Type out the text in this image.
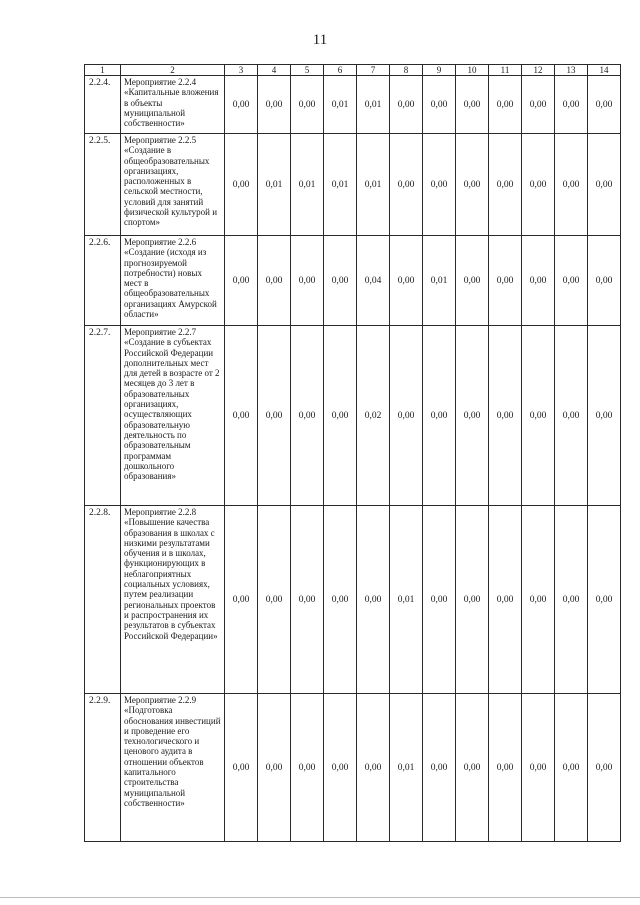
11
1	2	3	4	5	6	7	8	9	10	11	12	13	14
2.2.4.	Мероприятие 2.2.4 «Капитальные вложения в объекты муниципальной собственности»	0,00	0,00	0,00	0,01	0,01	0,00	0,00	0,00	0,00	0,00	0,00	0,00
2.2.5.	Мероприятие 2.2.5 «Создание в общеобразовательных организациях, расположенных в сельской местности, условий для занятий физической культурой и спортом»	0,00	0,01	0,01	0,01	0,01	0,00	0,00	0,00	0,00	0,00	0,00	0,00
2.2.6.	Мероприятие 2.2.6 «Создание (исходя из прогнозируемой потребности) новых мест в общеобразовательных организациях Амурской области»	0,00	0,00	0,00	0,00	0,04	0,00	0,01	0,00	0,00	0,00	0,00	0,00
2.2.7.	Мероприятие 2.2.7 «Создание в субъектах Российской Федерации дополнительных мест для детей в возрасте от 2 месяцев до 3 лет в образовательных организациях, осуществляющих образовательную деятельность по образовательным программам дошкольного образования»	0,00	0,00	0,00	0,00	0,02	0,00	0,00	0,00	0,00	0,00	0,00	0,00
2.2.8.	Мероприятие 2.2.8 «Повышение качества образования в школах с низкими результатами обучения и в школах, функционирующих в неблагоприятных социальных условиях, путем реализации региональных проектов и распространения их результатов в субъектах Российской Федерации»	0,00	0,00	0,00	0,00	0,00	0,01	0,00	0,00	0,00	0,00	0,00	0,00
2.2.9.	Мероприятие 2.2.9 «Подготовка обоснования инвестиций и проведение его технологического и ценового аудита в отношении объектов капитального строительства муниципальной собственности»	0,00	0,00	0,00	0,00	0,00	0,01	0,00	0,00	0,00	0,00	0,00	0,00
